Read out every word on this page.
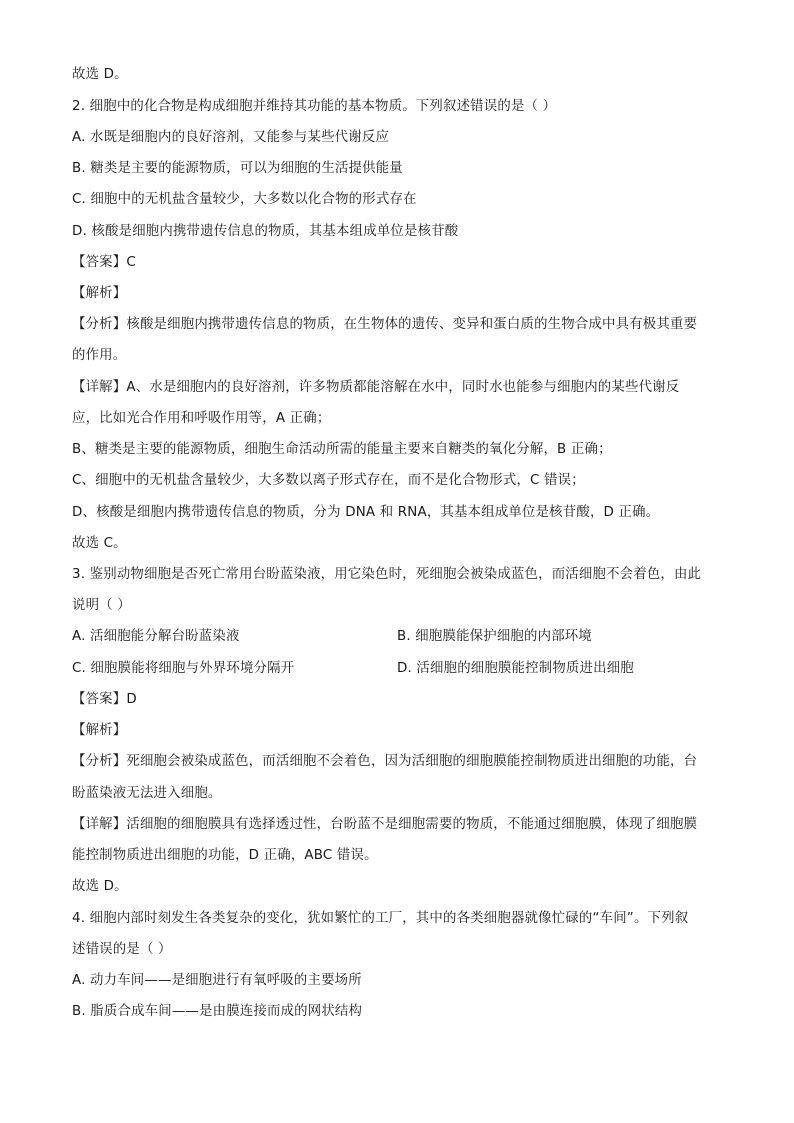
故选 D。
2. 细胞中的化合物是构成细胞并维持其功能的基本物质。下列叙述错误的是（ ）
A. 水既是细胞内的良好溶剂，又能参与某些代谢反应
B. 糖类是主要的能源物质，可以为细胞的生活提供能量
C. 细胞中的无机盐含量较少，大多数以化合物的形式存在
D. 核酸是细胞内携带遗传信息的物质，其基本组成单位是核苷酸
【答案】C
【解析】
【分析】核酸是细胞内携带遗传信息的物质，在生物体的遗传、变异和蛋白质的生物合成中具有极其重要
的作用。
【详解】A、水是细胞内的良好溶剂，许多物质都能溶解在水中，同时水也能参与细胞内的某些代谢反
应，比如光合作用和呼吸作用等，A 正确；
B、糖类是主要的能源物质，细胞生命活动所需的能量主要来自糖类的氧化分解，B 正确；
C、细胞中的无机盐含量较少，大多数以离子形式存在，而不是化合物形式，C 错误；
D、核酸是细胞内携带遗传信息的物质，分为 DNA 和 RNA，其基本组成单位是核苷酸，D 正确。
故选 C。
3. 鉴别动物细胞是否死亡常用台盼蓝染液，用它染色时，死细胞会被染成蓝色，而活细胞不会着色，由此
说明（ ）
A. 活细胞能分解台盼蓝染液	B. 细胞膜能保护细胞的内部环境
C. 细胞膜能将细胞与外界环境分隔开	D. 活细胞的细胞膜能控制物质进出细胞
【答案】D
【解析】
【分析】死细胞会被染成蓝色，而活细胞不会着色，因为活细胞的细胞膜能控制物质进出细胞的功能，台
盼蓝染液无法进入细胞。
【详解】活细胞的细胞膜具有选择透过性，台盼蓝不是细胞需要的物质，不能通过细胞膜，体现了细胞膜
能控制物质进出细胞的功能，D 正确，ABC 错误。
故选 D。
4. 细胞内部时刻发生各类复杂的变化，犹如繁忙的工厂，其中的各类细胞器就像忙碌的“车间”。下列叙
述错误的是（ ）
A. 动力车间——是细胞进行有氧呼吸的主要场所
B. 脂质合成车间——是由膜连接而成的网状结构
